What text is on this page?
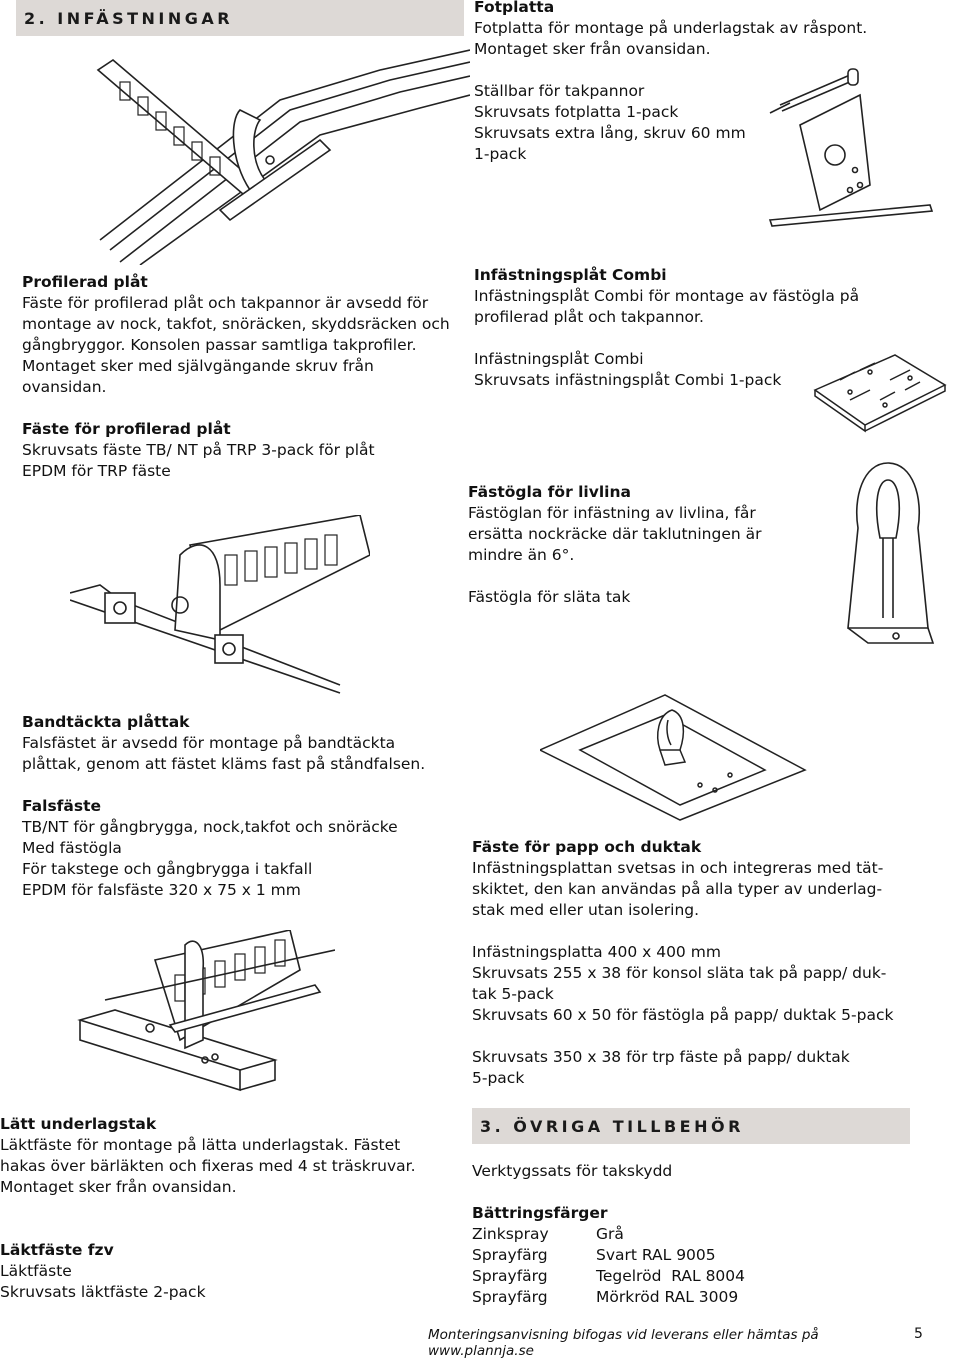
2. INFÄSTNINGAR

Fotplatta

Fotplatta för montage på underlagstak av råspont.

Montaget sker från ovansidan.

Ställbar för takpannor

Skruvsats fotplatta 1-pack

Skruvsats extra lång, skruv 60 mm

1-pack

Profilerad plåt

Fäste för profilerad plåt och takpannor är avsedd för

montage av nock, takfot, snöräcken, skyddsräcken och

gångbryggor. Konsolen passar samtliga takprofiler.

Montaget sker med självgängande skruv från

ovansidan.

Fäste för profilerad plåt

Skruvsats fäste TB/ NT på TRP 3-pack för plåt

EPDM för TRP fäste

Infästningsplåt Combi

Infästningsplåt Combi för montage av fästögla på

profilerad plåt och takpannor.

Infästningsplåt Combi

Skruvsats infästningsplåt Combi 1-pack

Fästögla för livlina

Fästöglan för infästning av livlina, får

ersätta nockräcke där taklutningen är

mindre än 6°.

Fästögla för släta tak

Bandtäckta plåttak

Falsfästet är avsedd för montage på bandtäckta

plåttak, genom att fästet kläms fast på ståndfalsen.

Falsfäste

TB/NT för gångbrygga, nock,takfot och snöräcke

Med fästögla

För takstege och gångbrygga i takfall

EPDM för falsfäste 320 x 75 x 1 mm

Fäste för papp och duktak

Infästningsplattan svetsas in och integreras med tät-

skiktet, den kan användas på alla typer av underlag-

stak med eller utan isolering.

Infästningsplatta 400 x 400 mm

Skruvsats 255 x 38 för konsol släta tak på papp/ duk-

tak 5-pack

Skruvsats 60 x 50 för fästögla på papp/ duktak 5-pack

Skruvsats 350 x 38 för trp fäste på papp/ duktak

5-pack

Lätt underlagstak

Läktfäste för montage på lätta underlagstak. Fästet

hakas över bärläkten och fixeras med 4 st träskruvar.

Montaget sker från ovansidan.

Läktfäste fzv

Läktfäste

Skruvsats läktfäste 2-pack

3. ÖVRIGA TILLBEHÖR

Verktygssats för takskydd

Bättringsfärger

Zinkspray	Grå
Sprayfärg	Svart RAL 9005
Sprayfärg	Tegelröd  RAL 8004
Sprayfärg	Mörkröd RAL 3009
Monteringsanvisning bifogas vid leverans eller hämtas på www.plannja.se
5
